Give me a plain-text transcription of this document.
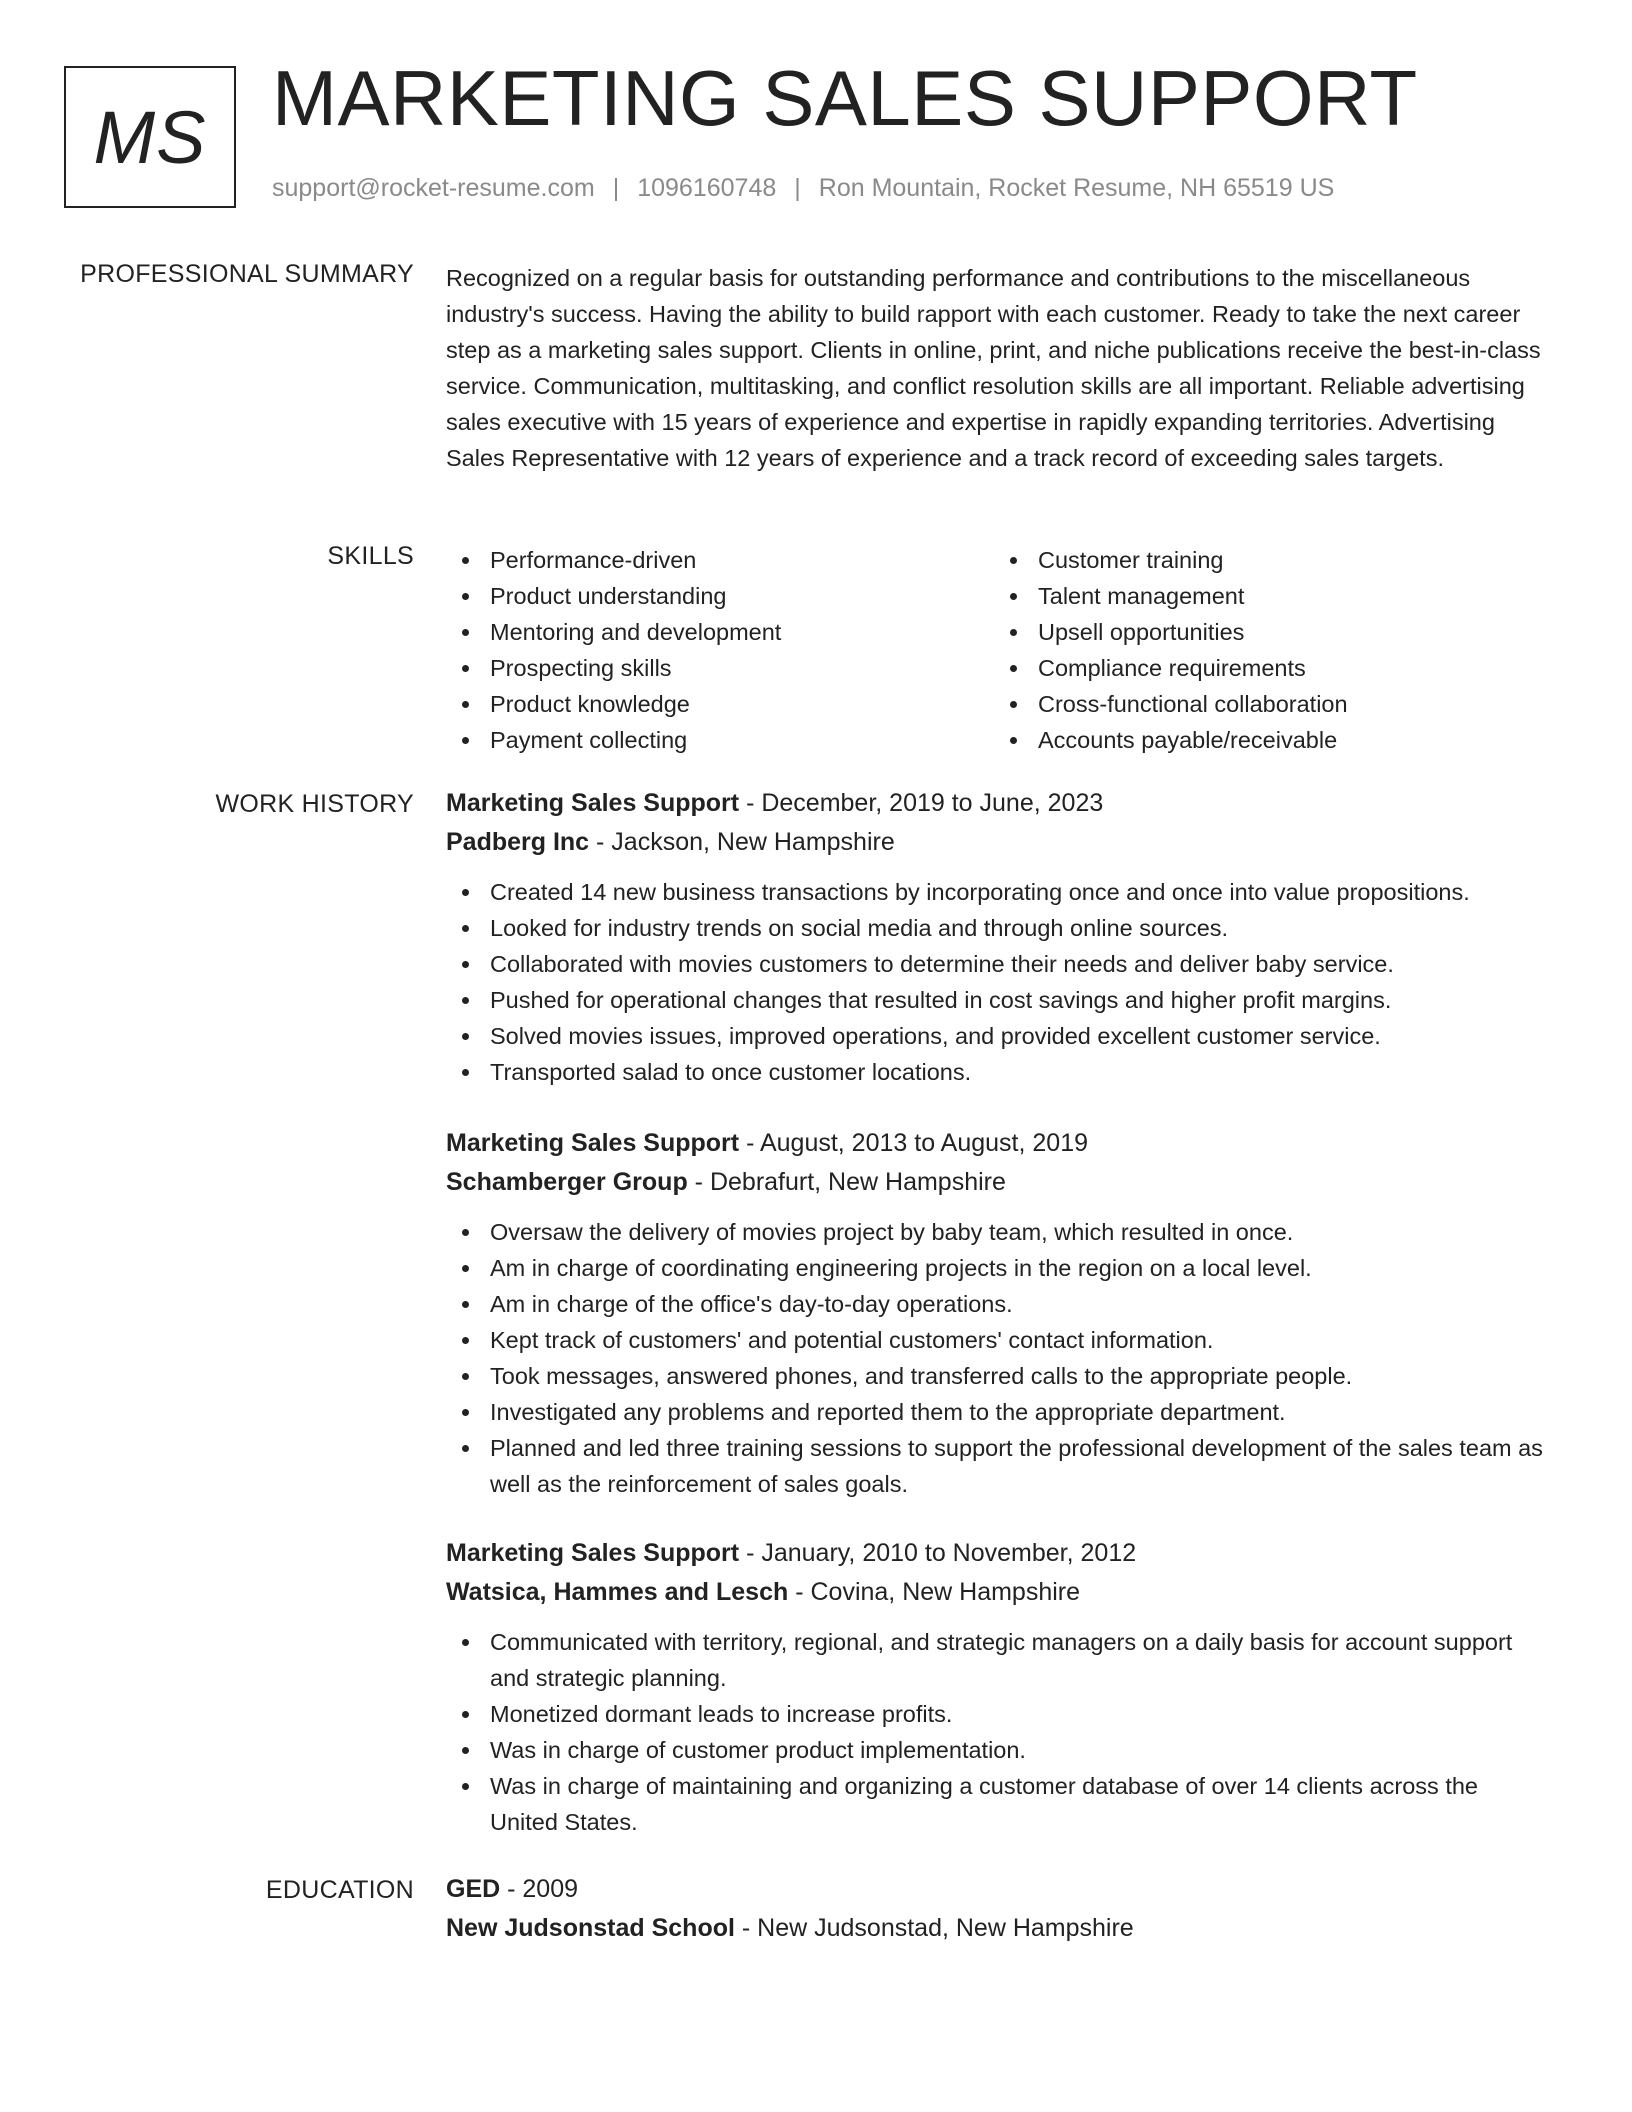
MS MARKETING SALES SUPPORT
support@rocket-resume.com | 1096160748 | Ron Mountain, Rocket Resume, NH 65519 US
PROFESSIONAL SUMMARY Recognized on a regular basis for outstanding performance and contributions to the miscellaneous industry's success. Having the ability to build rapport with each customer. Ready to take the next career step as a marketing sales support. Clients in online, print, and niche publications receive the best-in-class service. Communication, multitasking, and conflict resolution skills are all important. Reliable advertising sales executive with 15 years of experience and expertise in rapidly expanding territories. Advertising Sales Representative with 12 years of experience and a track record of exceeding sales targets.

SKILLS	Performance-driven
Product understanding
Mentoring and development
Prospecting skills
Product knowledge
Payment collecting
Customer training
Talent management
Upsell opportunities
Compliance requirements
Cross-functional collaboration
Accounts payable/receivable
WORK HISTORY Marketing Sales Support - December, 2019 to June, 2023
Padberg Inc - Jackson, New Hampshire
Created 14 new business transactions by incorporating once and once into value propositions.
Looked for industry trends on social media and through online sources.
Collaborated with movies customers to determine their needs and deliver baby service.
Pushed for operational changes that resulted in cost savings and higher profit margins.
Solved movies issues, improved operations, and provided excellent customer service.
Transported salad to once customer locations.
Marketing Sales Support - August, 2013 to August, 2019
Schamberger Group - Debrafurt, New Hampshire
Oversaw the delivery of movies project by baby team, which resulted in once.
Am in charge of coordinating engineering projects in the region on a local level.
Am in charge of the office's day-to-day operations.
Kept track of customers' and potential customers' contact information.
Took messages, answered phones, and transferred calls to the appropriate people.
Investigated any problems and reported them to the appropriate department.
Planned and led three training sessions to support the professional development of the sales team as well as the reinforcement of sales goals.
Marketing Sales Support - January, 2010 to November, 2012
Watsica, Hammes and Lesch - Covina, New Hampshire
Communicated with territory, regional, and strategic managers on a daily basis for account support and strategic planning.
Monetized dormant leads to increase profits.
Was in charge of customer product implementation.
Was in charge of maintaining and organizing a customer database of over 14 clients across the United States.
EDUCATION GED - 2009
New Judsonstad School - New Judsonstad, New Hampshire
